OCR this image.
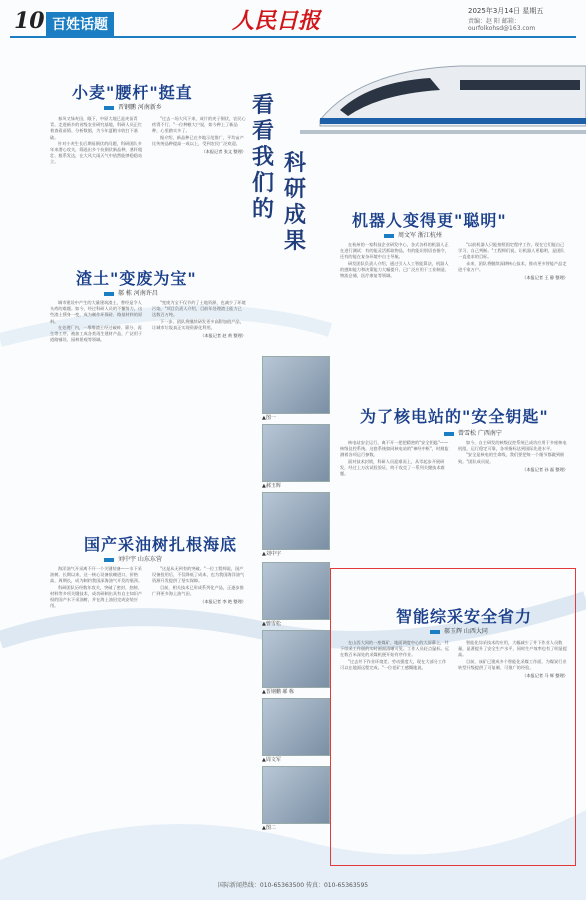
10 百姓话题	人民日报	2025年3月14日 星期五
责编：赵 阳 邮箱：ourfolkohsd@163.com
看看我们的
科研成果
小麦"腰杆"挺直
晋钢鹏 河南新乡

春风又绿麦田，眼下，中原大地已是麦苗青青。走进新乡的省级农业研究基地，科研人员正忙着查看苗情、分析数据，为今年夏粮丰收打下基础。

针对小麦生长后期易倒伏的问题，科研团队多年来潜心攻关，筛选出多个抗倒伏新品种，茎秆粗壮、根系发达，在大风大雨天气中依然能够稳稳站立。

"过去一场大风下来，成片的麦子倒伏，农民心疼得不行。"一位种粮大户说，如今种上了新品种，心里踏实多了。

据介绍，新品种已在多地示范推广，平均亩产比传统品种提高一成以上，受到农民广泛欢迎。

（本报记者 张文 整理）
渣土"变废为宝"
郝 栋 河南许昌

城市建设中产生的大量建筑渣土，曾经是令人头疼的难题。如今，经过科研人员的不懈努力，这些渣土摇身一变，成为制作环保砖、路基材料的原料。

在处理厂内，一堆堆渣土经过破碎、筛分、再生等工序，被加工成各类再生建材产品，广泛用于道路铺设、园林景观等领域。

"变废为宝不仅节约了土地资源，也减少了环境污染。"项目负责人介绍，目前年处理渣土能力已达数百万吨。

下一步，团队将继续研发更多高附加值产品，让城市垃圾真正实现资源化利用。

（本报记者 赵 黄 整理）
国产采油树扎根海底
刘中宇 山东东营

海洋油气开采离不开一个关键装备——水下采油树。长期以来，这一核心设备依赖进口，价格高、周期长，成为制约我国深海油气开发的瓶颈。

科研团队历经数年攻关，突破了密封、控制、材料等多项关键技术，成功研制出具有自主知识产权的国产水下采油树，并在海上油田完成安装应用。

"这是从无到有的突破。"一位工程师说，国产设备投用后，不仅降低了成本，也为我国海洋油气资源开发提供了坚实保障。

目前，相关技术已形成系列化产品，正逐步推广到更多海上油气田。

（本报记者 李 艳 整理）
机器人变得更"聪明"
周文军 浙江杭州

在杭州的一家科技企业研发中心，各式各样的机器人正在进行测试：有的能灵活抓取物品，有的能识别语音指令，还有的能在复杂环境中自主导航。

研发团队负责人介绍，通过引入人工智能算法，机器人的感知能力和决策能力大幅提升，已广泛应用于工业制造、物流仓储、医疗康复等领域。

"以前机器人只能按照固定程序工作，现在它们能自己学习、自己判断。"工程师们说，让机器人更聪明，是团队一直追求的目标。

未来，团队将继续深耕核心技术，推动更多智能产品走进千家万户。

（本报记者 王 静 整理）
为了核电站的"安全钥匙"
曾雪松 广西南宁

核电站安全运行，离不开一把把精密的"安全钥匙"——核级仪控系统。这套系统如同核电站的"神经中枢"，时刻监测着各项运行参数。

面对技术封锁，科研人员迎难而上，从零起步开展研发，经过上万次试验验证，终于攻克了一系列关键技术难题。

如今，自主研发的核级仪控系统已成功应用于多座核电机组，运行稳定可靠，各项指标达到国际先进水平。

"安全是核电的生命线，我们要把每一个细节都做到极致。"团队成员说。

（本报记者 孙 磊 整理）
智能综采安全省力
郝玉辉 山西大同

在山西大同的一座煤矿，地面调度中心的大屏幕上，井下综采工作面的实时画面清晰可见。工作人员轻点鼠标，远在数百米深处的采煤机便开始有序作业。

"过去井下作业环境差、劳动强度大，现在大部分工作可以在地面远程完成。"一位老矿工感慨地说。

智能化综采技术的应用，大幅减少了井下作业人员数量，显著提升了安全生产水平，同时生产效率也有了明显提高。

目前，该矿已建成多个智能化采煤工作面，为煤炭行业转型升级提供了可复制、可推广的经验。

（本报记者 马 辉 整理）
▲图一
▲郝玉辉
▲刘中宇
▲曾雪松
▲晋钢鹏 郝 栋
▲周文军
▲图二
国际新闻热线：010-65363500 传真：010-65363595
